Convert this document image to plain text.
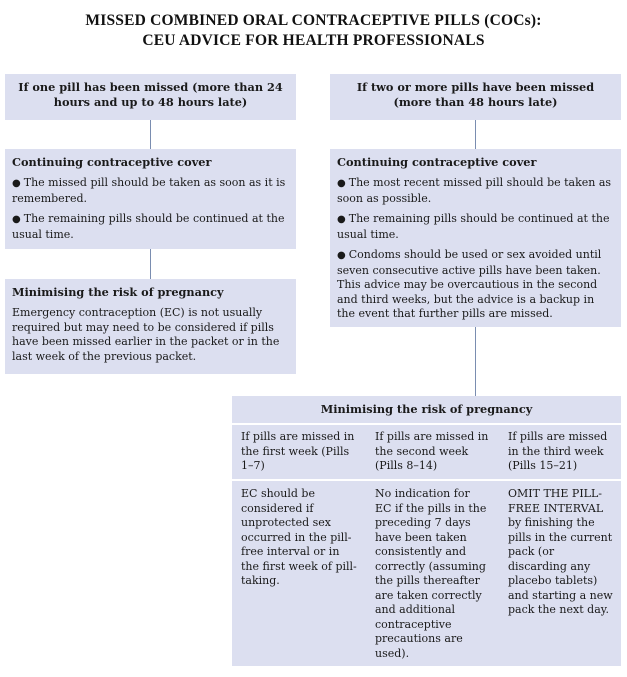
MISSED COMBINED ORAL CONTRACEPTIVE PILLS (COCs):
CEU ADVICE FOR HEALTH PROFESSIONALS
If one pill has been missed (more than 24 hours and up to 48 hours late)
Continuing contraceptive cover

● The missed pill should be taken as soon as it is remembered.

● The remaining pills should be continued at the usual time.

Minimising the risk of pregnancy

Emergency contraception (EC) is not usually required but may need to be considered if pills have been missed earlier in the packet or in the last week of the previous packet.

If two or more pills have been missed (more than 48 hours late)
Continuing contraceptive cover

● The most recent missed pill should be taken as soon as possible.

● The remaining pills should be continued at the usual time.

● Condoms should be used or sex avoided until seven consecutive active pills have been taken. This advice may be overcautious in the second and third weeks, but the advice is a backup in the event that further pills are missed.

Minimising the risk of pregnancy
If pills are missed in the first week (Pills 1–7)
If pills are missed in the second week (Pills 8–14)
If pills are missed in the third week (Pills 15–21)
EC should be considered if unprotected sex occurred in the pill-free interval or in the first week of pill-taking.
No indication for EC if the pills in the preceding 7 days have been taken consistently and correctly (assuming the pills thereafter are taken correctly and additional contraceptive precautions are used).
OMIT THE PILL-FREE INTERVAL by finishing the pills in the current pack (or discarding any placebo tablets) and starting a new pack the next day.
